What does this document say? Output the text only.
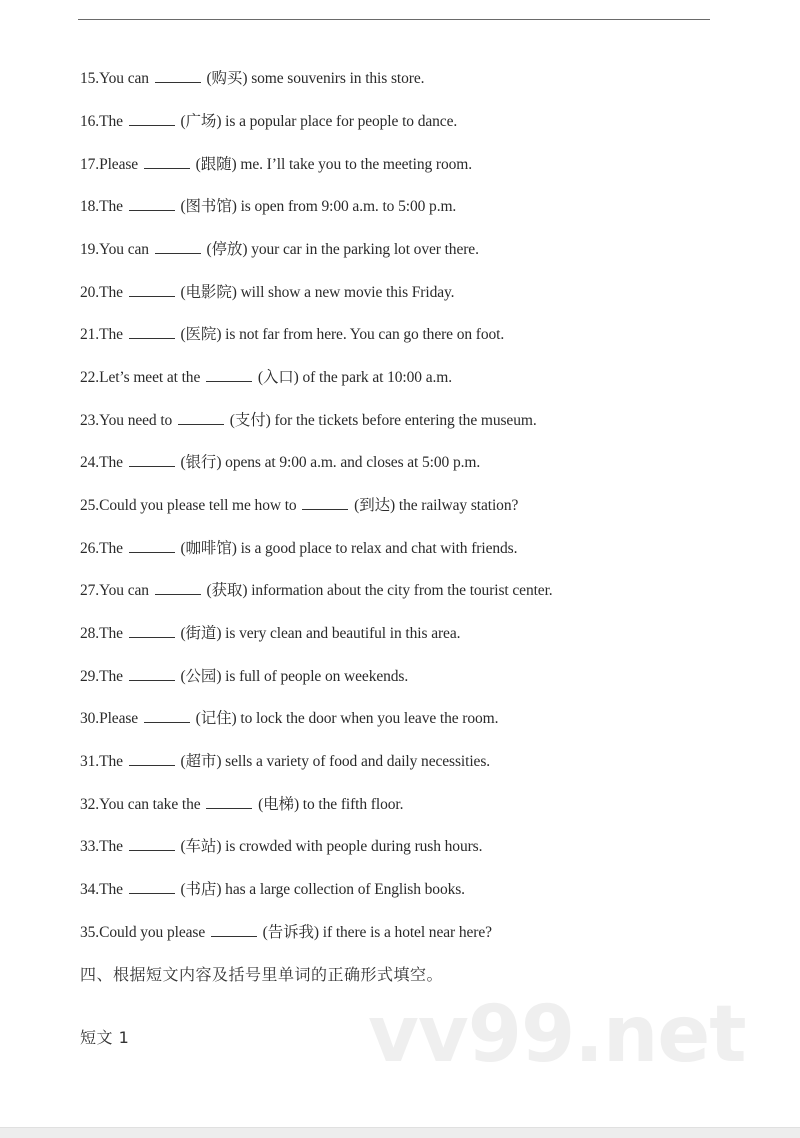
15.You can	(购买) some souvenirs in this store.
16.The	(广场) is a popular place for people to dance.
17.Please	(跟随) me. I’ll take you to the meeting room.
18.The	(图书馆) is open from 9:00 a.m. to 5:00 p.m.
19.You can	(停放) your car in the parking lot over there.
20.The	(电影院) will show a new movie this Friday.
21.The	(医院) is not far from here. You can go there on foot.
22.Let’s meet at the	(入口) of the park at 10:00 a.m.
23.You need to	(支付) for the tickets before entering the museum.
24.The	(银行) opens at 9:00 a.m. and closes at 5:00 p.m.
25.Could you please tell me how to	(到达) the railway station?
26.The	(咖啡馆) is a good place to relax and chat with friends.
27.You can	(获取) information about the city from the tourist center.
28.The	(街道) is very clean and beautiful in this area.
29.The	(公园) is full of people on weekends.
30.Please	(记住) to lock the door when you leave the room.
31.The	(超市) sells a variety of food and daily necessities.
32.You can take the	(电梯) to the fifth floor.
33.The	(车站) is crowded with people during rush hours.
34.The	(书店) has a large collection of English books.
35.Could you please	(告诉我) if there is a hotel near here?
四、根据短文内容及括号里单词的正确形式填空。
短文 1	vv99.net
